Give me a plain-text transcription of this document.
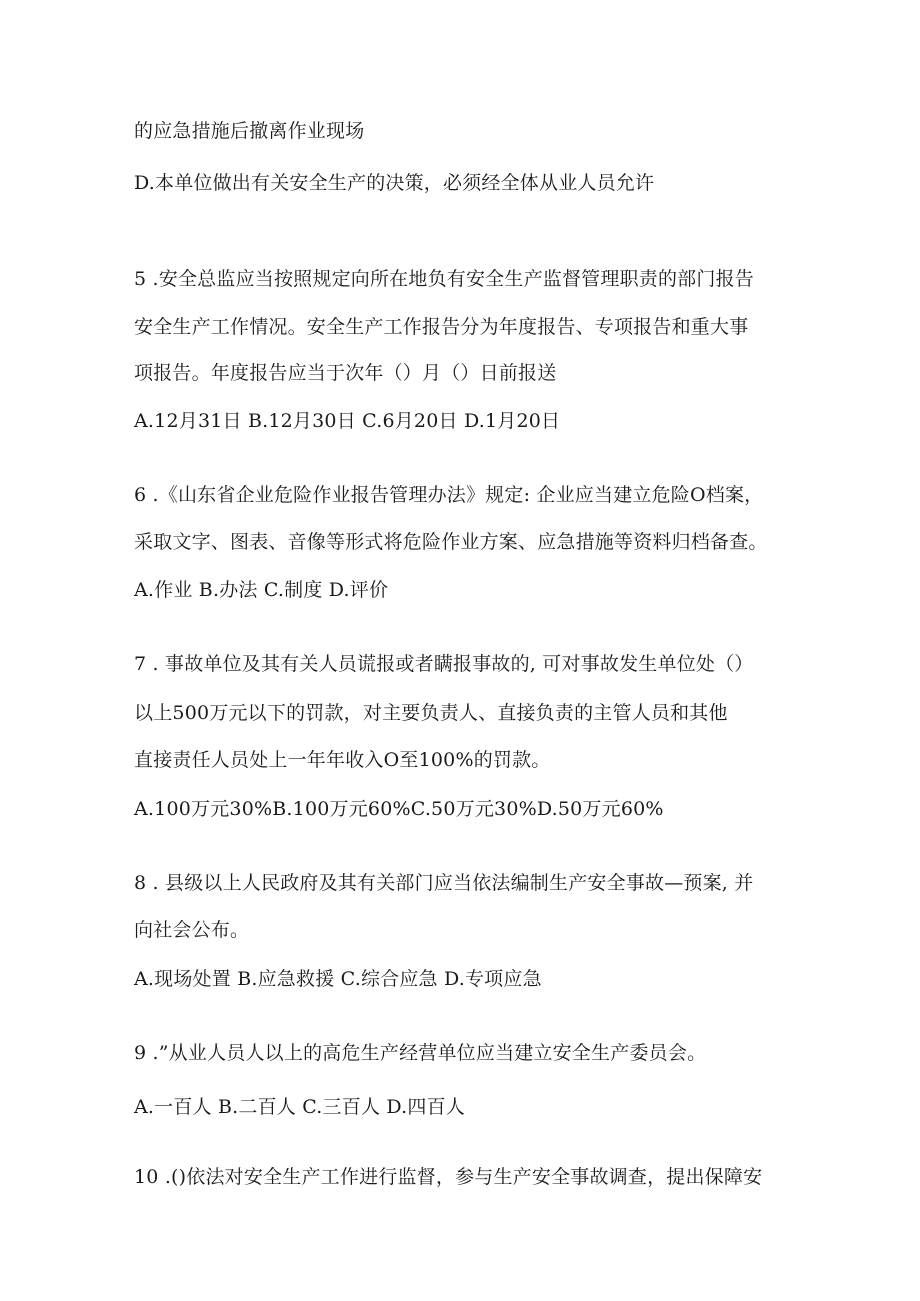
的应急措施后撤离作业现场
D.本单位做出有关安全生产的决策，必须经全体从业人员允许
5 .安全总监应当按照规定向所在地负有安全生产监督管理职责的部门报告
安全生产工作情况。安全生产工作报告分为年度报告、专项报告和重大事
项报告。年度报告应当于次年（）月（）日前报送
A.12月31日 B.12月30日 C.6月20日 D.1月20日
6 .《山东省企业危险作业报告管理办法》规定: 企业应当建立危险O档案，
采取文字、图表、音像等形式将危险作业方案、应急措施等资料归档备查。
A.作业 B.办法 C.制度 D.评价
7 . 事故单位及其有关人员谎报或者瞒报事故的, 可对事故发生单位处（）
以上500万元以下的罚款，对主要负责人、直接负责的主管人员和其他
直接责任人员处上一年年收入O至100%的罚款。
A.100万元30%B.100万元60%C.50万元30%D.50万元60%
8 . 县级以上人民政府及其有关部门应当依法编制生产安全事故—预案, 并
向社会公布。
A.现场处置 B.应急救援 C.综合应急 D.专项应急
9 .”从业人员人以上的高危生产经营单位应当建立安全生产委员会。
A.一百人 B.二百人 C.三百人 D.四百人
10 .()依法对安全生产工作进行监督，参与生产安全事故调查，提出保障安
